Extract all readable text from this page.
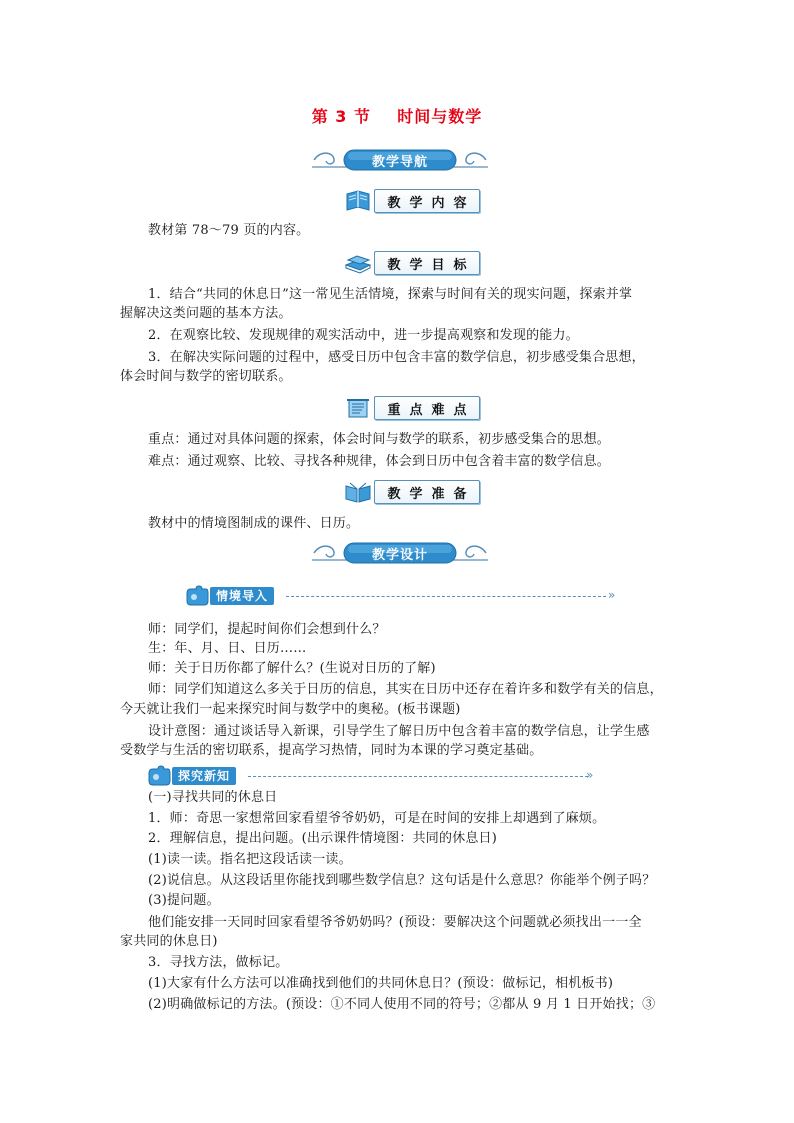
第 3 节    时间与数学
教学导航
教学内容
教材第 78～79 页的内容。
教学目标
1．结合“共同的休息日”这一常见生活情境，探索与时间有关的现实问题，探索并掌
握解决这类问题的基本方法。
2．在观察比较、发现规律的观实活动中，进一步提高观察和发现的能力。
3．在解决实际问题的过程中，感受日历中包含丰富的数学信息，初步感受集合思想，
体会时间与数学的密切联系。
重点难点
重点：通过对具体问题的探索，体会时间与数学的联系，初步感受集合的思想。
难点：通过观察、比较、寻找各种规律，体会到日历中包含着丰富的数学信息。
教学准备
教材中的情境图制成的课件、日历。
教学设计
情境导入	»
师：同学们，提起时间你们会想到什么？
生：年、月、日、日历……
师：关于日历你都了解什么？(生说对日历的了解)
师：同学们知道这么多关于日历的信息，其实在日历中还存在着许多和数学有关的信息，
今天就让我们一起来探究时间与数学中的奥秘。(板书课题)
设计意图：通过谈话导入新课，引导学生了解日历中包含着丰富的数学信息，让学生感
受数学与生活的密切联系，提高学习热情，同时为本课的学习奠定基础。
探究新知	»
(一)寻找共同的休息日
1．师：奇思一家想常回家看望爷爷奶奶，可是在时间的安排上却遇到了麻烦。
2．理解信息，提出问题。(出示课件情境图：共同的休息日)
(1)读一读。指名把这段话读一读。
(2)说信息。从这段话里你能找到哪些数学信息？这句话是什么意思？你能举个例子吗？
(3)提问题。
他们能安排一天同时回家看望爷爷奶奶吗？(预设：要解决这个问题就必须找出一一全
家共同的休息日)
3．寻找方法，做标记。
(1)大家有什么方法可以准确找到他们的共同休息日？(预设：做标记，相机板书)
(2)明确做标记的方法。(预设：①不同人使用不同的符号；②都从 9 月 1 日开始找；③
